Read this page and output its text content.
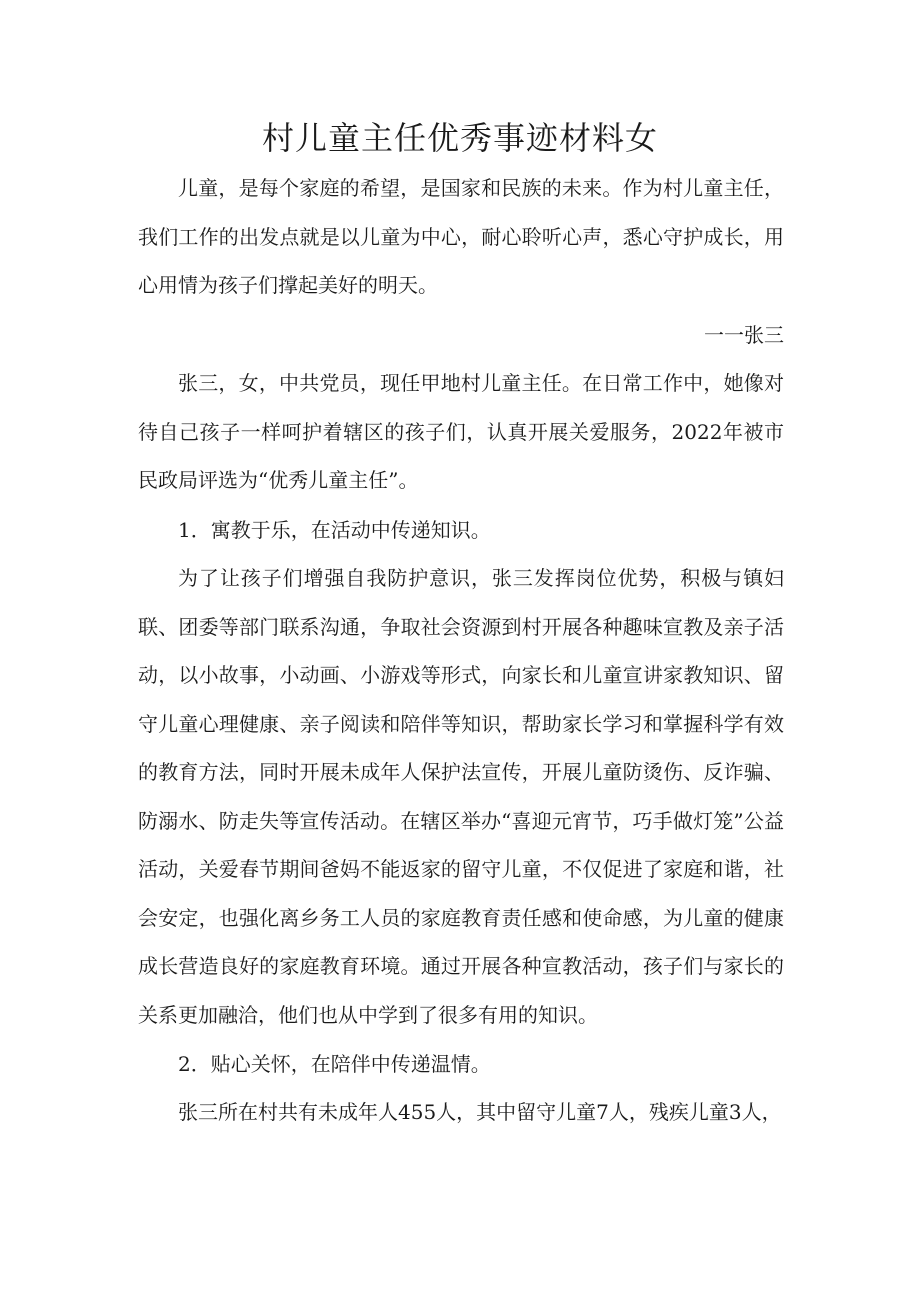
村儿童主任优秀事迹材料女

儿童，是每个家庭的希望，是国家和民族的未来。作为村儿童主任，我们工作的出发点就是以儿童为中心，耐心聆听心声，悉心守护成长，用心用情为孩子们撑起美好的明天。

一一张三

张三，女，中共党员，现任甲地村儿童主任。在日常工作中，她像对待自己孩子一样呵护着辖区的孩子们，认真开展关爱服务，2022年被市民政局评选为“优秀儿童主任”。

1．寓教于乐，在活动中传递知识。

为了让孩子们增强自我防护意识，张三发挥岗位优势，积极与镇妇联、团委等部门联系沟通，争取社会资源到村开展各种趣味宣教及亲子活动，以小故事，小动画、小游戏等形式，向家长和儿童宣讲家教知识、留守儿童心理健康、亲子阅读和陪伴等知识，帮助家长学习和掌握科学有效的教育方法，同时开展未成年人保护法宣传，开展儿童防烫伤、反诈骗、防溺水、防走失等宣传活动。在辖区举办“喜迎元宵节，巧手做灯笼”公益活动，关爱春节期间爸妈不能返家的留守儿童，不仅促进了家庭和谐，社会安定，也强化离乡务工人员的家庭教育责任感和使命感，为儿童的健康成长营造良好的家庭教育环境。通过开展各种宣教活动，孩子们与家长的关系更加融洽，他们也从中学到了很多有用的知识。

2．贴心关怀，在陪伴中传递温情。

张三所在村共有未成年人455人，其中留守儿童7人，残疾儿童3人，
